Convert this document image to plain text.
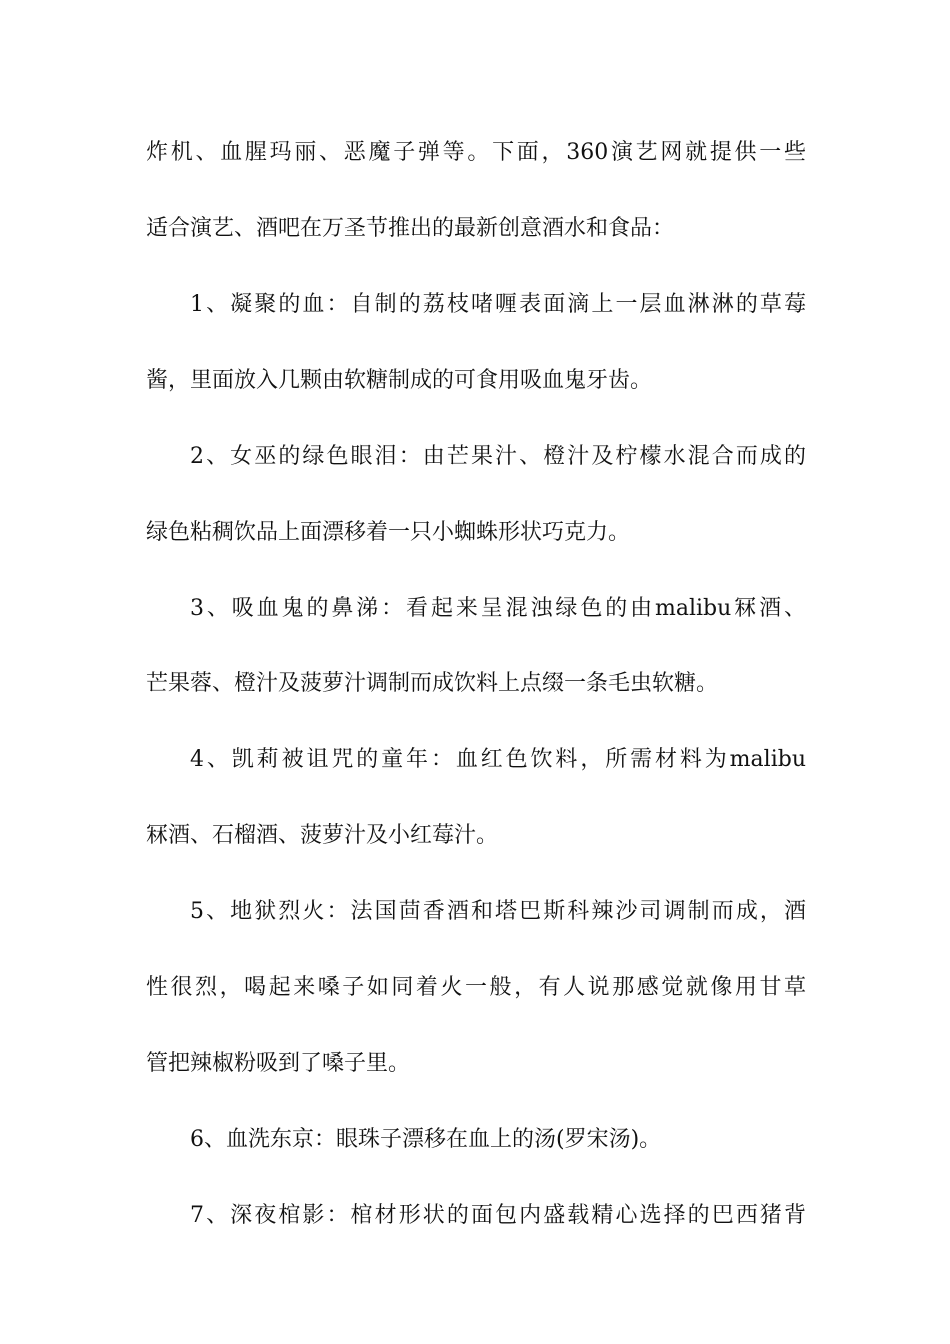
炸机、血腥玛丽、恶魔子弹等。下面，360演艺网就提供一些
适合演艺、酒吧在万圣节推出的最新创意酒水和食品：
1、凝聚的血：自制的荔枝啫喱表面滴上一层血淋淋的草莓
酱，里面放入几颗由软糖制成的可食用吸血鬼牙齿。
2、女巫的绿色眼泪：由芒果汁、橙汁及柠檬水混合而成的
绿色粘稠饮品上面漂移着一只小蜘蛛形状巧克力。
3、吸血鬼的鼻涕：看起来呈混浊绿色的由malibu冧酒、
芒果蓉、橙汁及菠萝汁调制而成饮料上点缀一条毛虫软糖。
4、凯莉被诅咒的童年：血红色饮料，所需材料为malibu
冧酒、石榴酒、菠萝汁及小红莓汁。
5、地狱烈火：法国茴香酒和塔巴斯科辣沙司调制而成，酒
性很烈，喝起来嗓子如同着火一般，有人说那感觉就像用甘草
管把辣椒粉吸到了嗓子里。
6、血洗东京：眼珠子漂移在血上的汤(罗宋汤)。
7、深夜棺影：棺材形状的面包内盛载精心选择的巴西猪背
